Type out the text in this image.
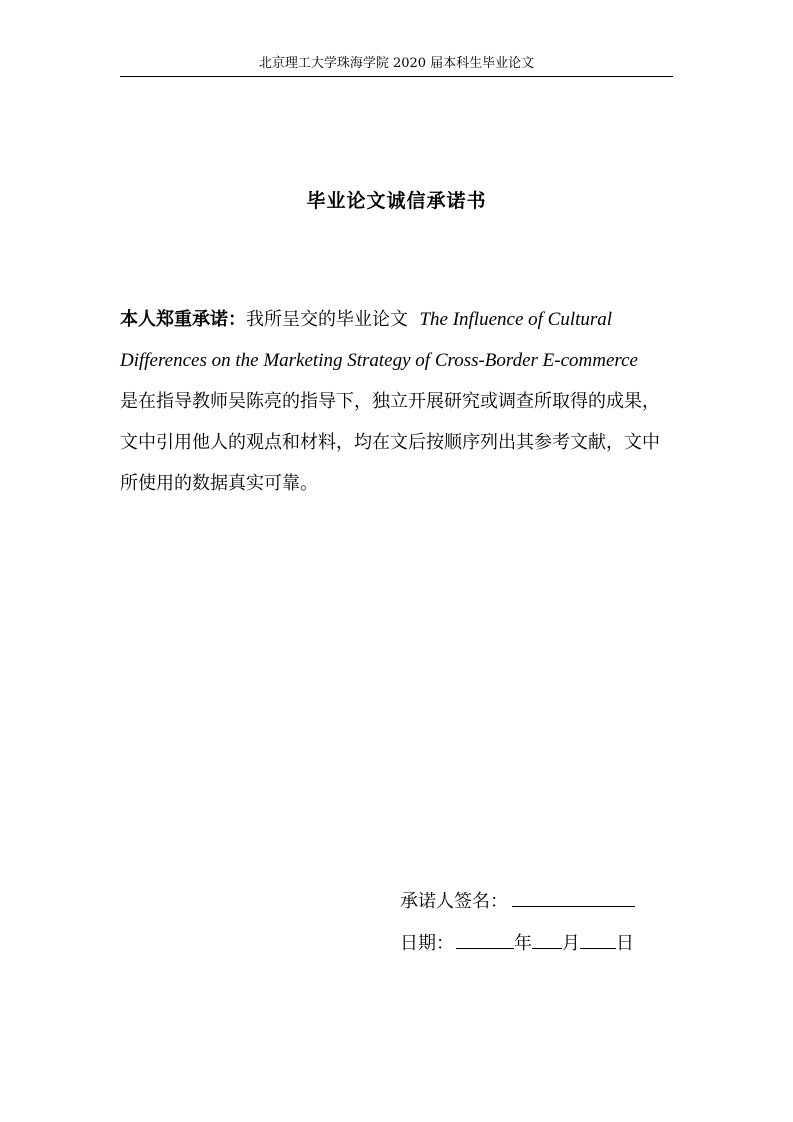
北京理工大学珠海学院 2020 届本科生毕业论文
毕业论文诚信承诺书
本人郑重承诺：我所呈交的毕业论文 The Influence of Cultural Differences on the Marketing Strategy of Cross-Border E-commerce  是在指导教师吴陈亮的指导下，独立开展研究或调查所取得的成果，文中引用他人的观点和材料，均在文后按顺序列出其参考文献，文中所使用的数据真实可靠。
承诺人签名：
日期：	年 月 日
